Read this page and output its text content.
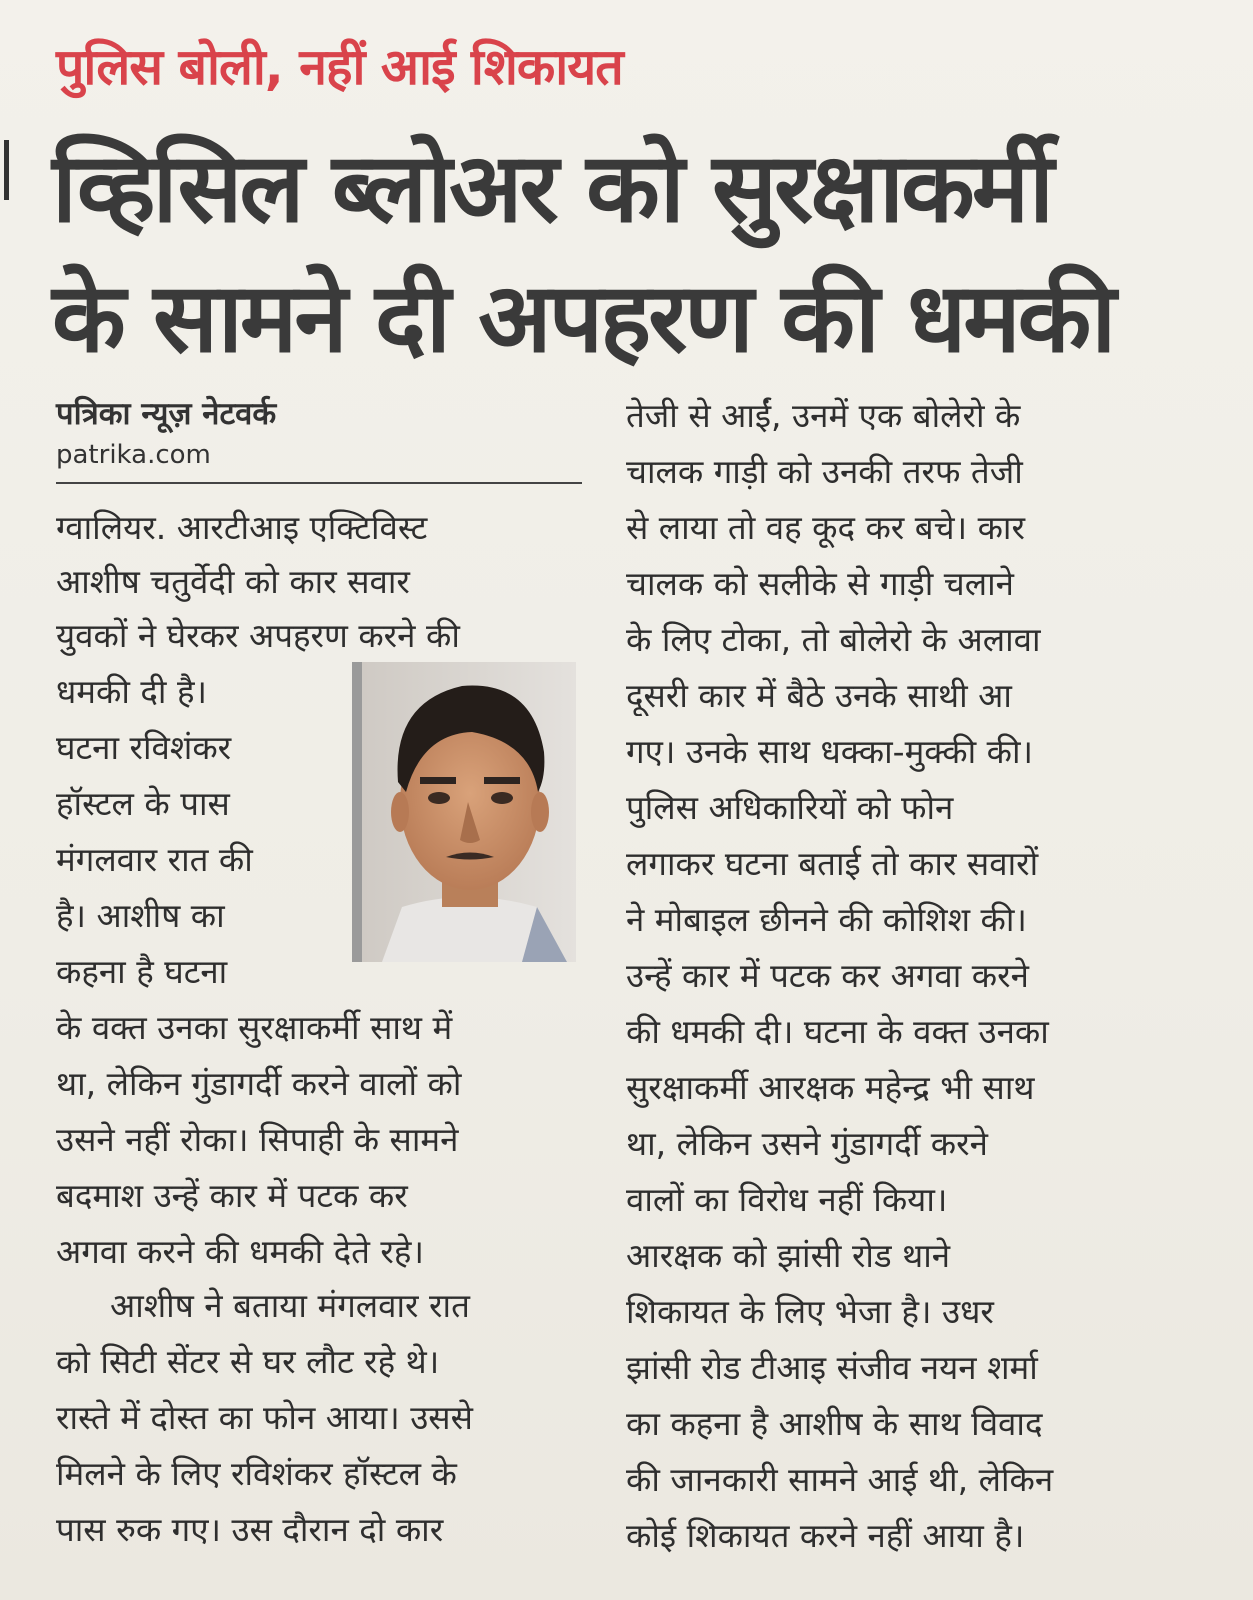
पुलिस बोली, नहीं आई शिकायत
व्हिसिल ब्लोअर को सुरक्षाकर्मी
के सामने दी अपहरण की धमकी
पत्रिका न्यूज़ नेटवर्क
patrika.com
ग्वालियर. आरटीआइ एक्टिविस्ट
आशीष चतुर्वेदी को कार सवार
युवकों ने घेरकर अपहरण करने की
धमकी दी है।
घटना रविशंकर
हॉस्टल के पास
मंगलवार रात की
है। आशीष का
कहना है घटना
के वक्त उनका सुरक्षाकर्मी साथ में
था, लेकिन गुंडागर्दी करने वालों को
उसने नहीं रोका। सिपाही के सामने
बदमाश उन्हें कार में पटक कर
अगवा करने की धमकी देते रहे।
आशीष ने बताया मंगलवार रात
को सिटी सेंटर से घर लौट रहे थे।
रास्ते में दोस्त का फोन आया। उससे
मिलने के लिए रविशंकर हॉस्टल के
पास रुक गए। उस दौरान दो कार
तेजी से आईं, उनमें एक बोलेरो के
चालक गाड़ी को उनकी तरफ तेजी
से लाया तो वह कूद कर बचे। कार
चालक को सलीके से गाड़ी चलाने
के लिए टोका, तो बोलेरो के अलावा
दूसरी कार में बैठे उनके साथी आ
गए। उनके साथ धक्का-मुक्की की।
पुलिस अधिकारियों को फोन
लगाकर घटना बताई तो कार सवारों
ने मोबाइल छीनने की कोशिश की।
उन्हें कार में पटक कर अगवा करने
की धमकी दी। घटना के वक्त उनका
सुरक्षाकर्मी आरक्षक महेन्द्र भी साथ
था, लेकिन उसने गुंडागर्दी करने
वालों का विरोध नहीं किया।
आरक्षक को झांसी रोड थाने
शिकायत के लिए भेजा है। उधर
झांसी रोड टीआइ संजीव नयन शर्मा
का कहना है आशीष के साथ विवाद
की जानकारी सामने आई थी, लेकिन
कोई शिकायत करने नहीं आया है।
